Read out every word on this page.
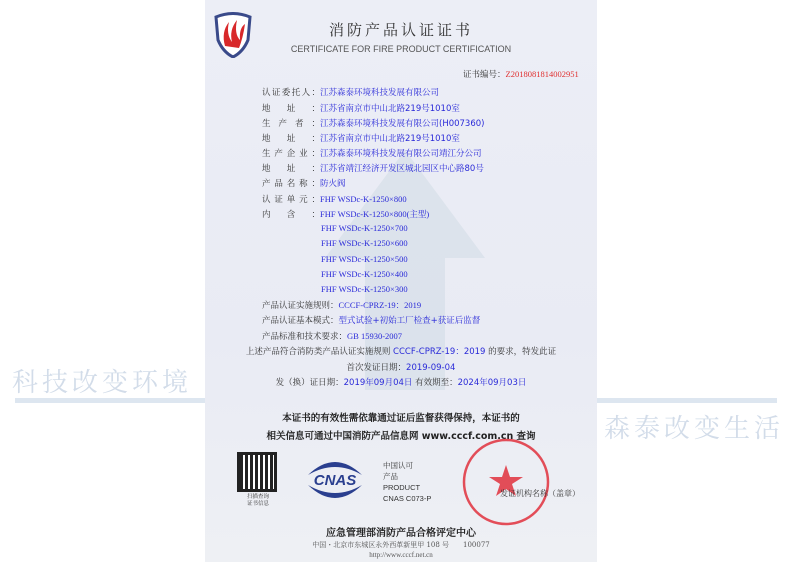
科技改变环境
森泰改变生活
消防产品认证证书
CERTIFICATE FOR FIRE PRODUCT CERTIFICATION
证书编号：Z2018081814002951
认证委托人：江苏森泰环境科技发展有限公司
地址：江苏省南京市中山北路219号1010室
生产者：江苏森泰环境科技发展有限公司(H007360)
地址：江苏省南京市中山北路219号1010室
生产企业：江苏森泰环境科技发展有限公司靖江分公司
地址：江苏省靖江经济开发区城北园区中心路80号
产品名称：防火阀
认证单元：FHF WSDc-K-1250×800
内含：FHF WSDc-K-1250×800(主型)
FHF WSDc-K-1250×700
FHF WSDc-K-1250×600
FHF WSDc-K-1250×500
FHF WSDc-K-1250×400
FHF WSDc-K-1250×300
产品认证实施规则：CCCF-CPRZ-19：2019
产品认证基本模式：型式试验+初始工厂检查+获证后监督
产品标准和技术要求：GB 15930-2007
上述产品符合消防类产品认证实施规则 CCCF-CPRZ-19：2019 的要求，特发此证
首次发证日期：2019-09-04
发（换）证日期：2019年09月04日 有效期至：2024年09月03日
本证书的有效性需依靠通过证后监督获得保持，本证书的
相关信息可通过中国消防产品信息网 www.cccf.com.cn 查询
扫描查询
证书信息
CNAS
中国认可
产品
PRODUCT
CNAS C073-P
发证机构名称（盖章）
应急管理部消防产品合格评定中心
中国・北京市东城区永外西革新里甲 108 号　　100077
http://www.cccf.net.cn
